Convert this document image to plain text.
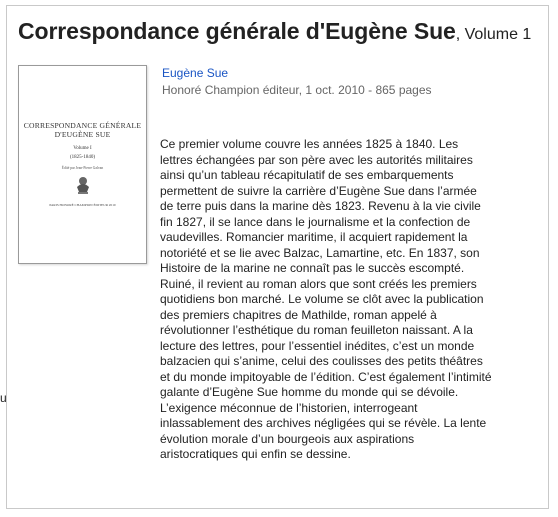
Correspondance générale d'Eugène Sue, Volume 1
CORRESPONDANCE GÉNÉRALE D'EUGÈNE SUE
Volume I
(1825-1840)
Édité par Jean-Pierre Galvan
PARIS HONORÉ CHAMPION ÉDITEUR 2010
Eugène Sue
Honoré Champion éditeur, 1 oct. 2010 - 865 pages

Ce premier volume couvre les années 1825 à 1840. Les lettres échangées par son père avec les autorités militaires ainsi qu’un tableau récapitulatif de ses embarquements permettent de suivre la carrière d’Eugène Sue dans l’armée de terre puis dans la marine dès 1823. Revenu à la vie civile fin 1827, il se lance dans le journalisme et la confection de vaudevilles. Romancier maritime, il acquiert rapidement la notoriété et se lie avec Balzac, Lamartine, etc. En 1837, son Histoire de la marine ne connaît pas le succès escompté. Ruiné, il revient au roman alors que sont créés les premiers quotidiens bon marché. Le volume se clôt avec la publication des premiers chapitres de Mathilde, roman appelé à révolutionner l’esthétique du roman feuilleton naissant. A la lecture des lettres, pour l’essentiel inédites, c’est un monde balzacien qui s’anime, celui des coulisses des petits théâtres et du monde impitoyable de l’édition. C’est également l’intimité galante d’Eugène Sue homme du monde qui se dévoile. L’exigence méconnue de l’historien, interrogeant inlassablement des archives négligées qui se révèle. La lente évolution morale d’un bourgeois aux aspirations aristocratiques qui enfin se dessine.

u
